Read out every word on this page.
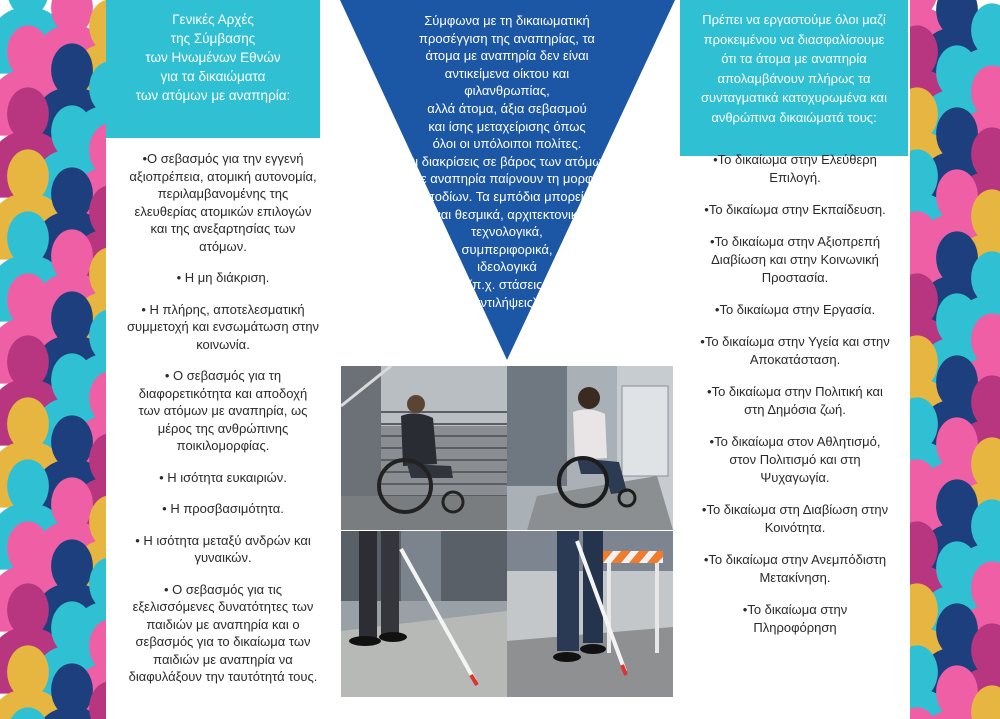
Γενικές Αρχές
της Σύμβασης
των Ηνωμένων Εθνών
για τα δικαιώματα
των ατόμων με αναπηρία:
•Ο σεβασμός για την εγγενή
αξιοπρέπεια, ατομική αυτονομία,
περιλαμβανομένης της
ελευθερίας ατομικών επιλογών
και της ανεξαρτησίας των
ατόμων.
• Η μη διάκριση.
• Η πλήρης, αποτελεσματική
συμμετοχή και ενσωμάτωση στην
κοινωνία.
• Ο σεβασμός για τη
διαφορετικότητα και αποδοχή
των ατόμων με αναπηρία, ως
μέρος της ανθρώπινης
ποικιλομορφίας.
• Η ισότητα ευκαιριών.
• Η προσβασιμότητα.
• Η ισότητα μεταξύ ανδρών και
γυναικών.
• Ο σεβασμός για τις
εξελισσόμενες δυνατότητες των
παιδιών με αναπηρία και ο
σεβασμός για το δικαίωμα των
παιδιών με αναπηρία να
διαφυλάξουν την ταυτότητά τους.
Πρέπει να εργαστούμε όλοι μαζί
προκειμένου να διασφαλίσουμε
ότι τα άτομα με αναπηρία
απολαμβάνουν πλήρως τα
συνταγματικά κατοχυρωμένα και
ανθρώπινα δικαιώματά τους:
•Το δικαίωμα στην Ελεύθερη
Επιλογή.
•Το δικαίωμα στην Εκπαίδευση.
•Το δικαίωμα στην Αξιοπρεπή
Διαβίωση και στην Κοινωνική
Προστασία.
•Το δικαίωμα στην Εργασία.
•Το δικαίωμα στην Υγεία και στην
Αποκατάσταση.
•Το δικαίωμα στην Πολιτική και
στη Δημόσια ζωή.
•Το δικαίωμα στον Αθλητισμό,
στον Πολιτισμό και στη
Ψυχαγωγία.
•Το δικαίωμα στη Διαβίωση στην
Κοινότητα.
•Το δικαίωμα στην Ανεμπόδιστη
Μετακίνηση.
•Το δικαίωμα στην
Πληροφόρηση
Σύμφωνα με τη δικαιωματική
προσέγγιση της αναπηρίας, τα
άτομα με αναπηρία δεν είναι
αντικείμενα οίκτου και
φιλανθρωπίας,
αλλά άτομα, άξια σεβασμού
και ίσης μεταχείρισης όπως
όλοι οι υπόλοιποι πολίτες.
Οι διακρίσεις σε βάρος των ατόμων
με αναπηρία παίρνουν τη μορφή
εμποδίων. Τα εμπόδια μπορεί να
είναι θεσμικά, αρχιτεκτονικά,
τεχνολογικά,
συμπεριφορικά,
ιδεολογικά
(π.χ. στάσεις,
αντιλήψεις).
